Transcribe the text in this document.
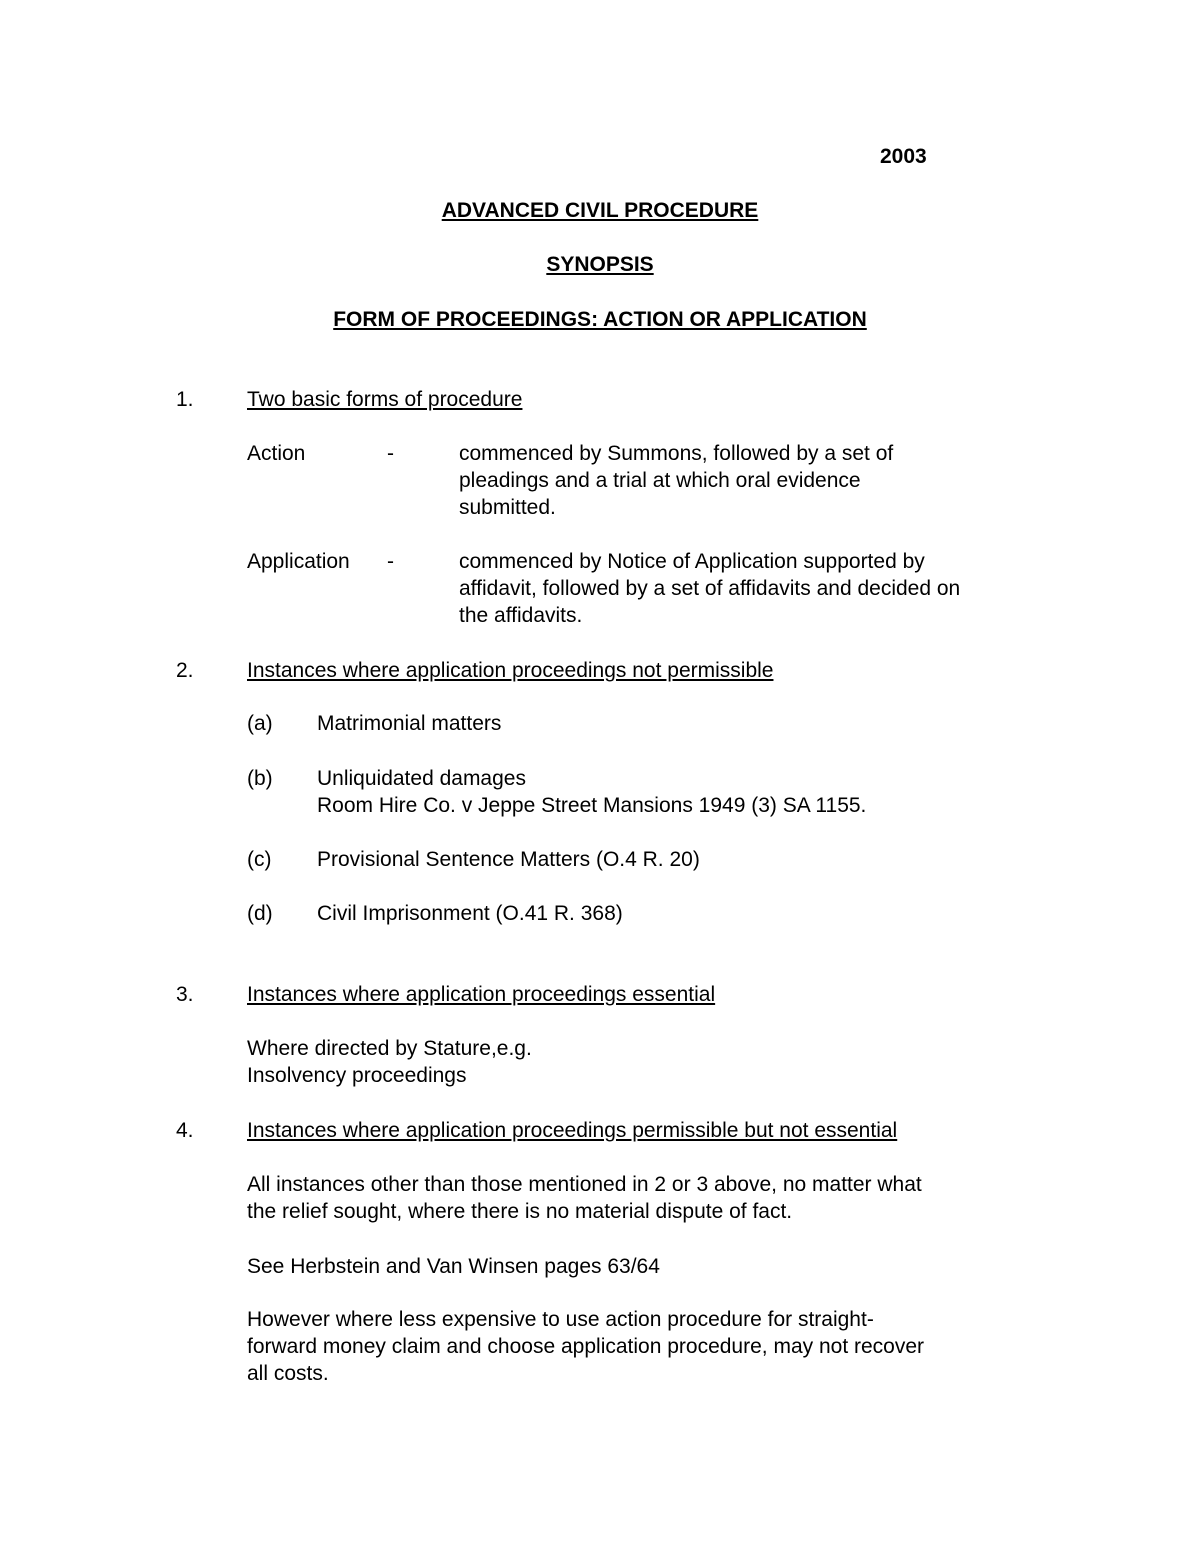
2003
ADVANCED CIVIL PROCEDURE
SYNOPSIS
FORM OF PROCEEDINGS: ACTION OR APPLICATION
1.	Two basic forms of procedure
Action	-	commenced by Summons, followed by a set of
pleadings and a trial at which oral evidence
submitted.
Application -	commenced by Notice of Application supported by
affidavit, followed by a set of affidavits and decided on
the affidavits.
2.	Instances where application proceedings not permissible
(a) Matrimonial matters
(b) Unliquidated damages
Room Hire Co. v Jeppe Street Mansions 1949 (3) SA 1155.
(c) Provisional Sentence Matters (O.4 R. 20)
(d) Civil Imprisonment (O.41 R. 368)
3.	Instances where application proceedings essential
Where directed by Stature,e.g.
Insolvency proceedings
4.	Instances where application proceedings permissible but not essential
All instances other than those mentioned in 2 or 3 above, no matter what
the relief sought, where there is no material dispute of fact.
See Herbstein and Van Winsen pages 63/64
However where less expensive to use action procedure for straight-
forward money claim and choose application procedure, may not recover
all costs.
